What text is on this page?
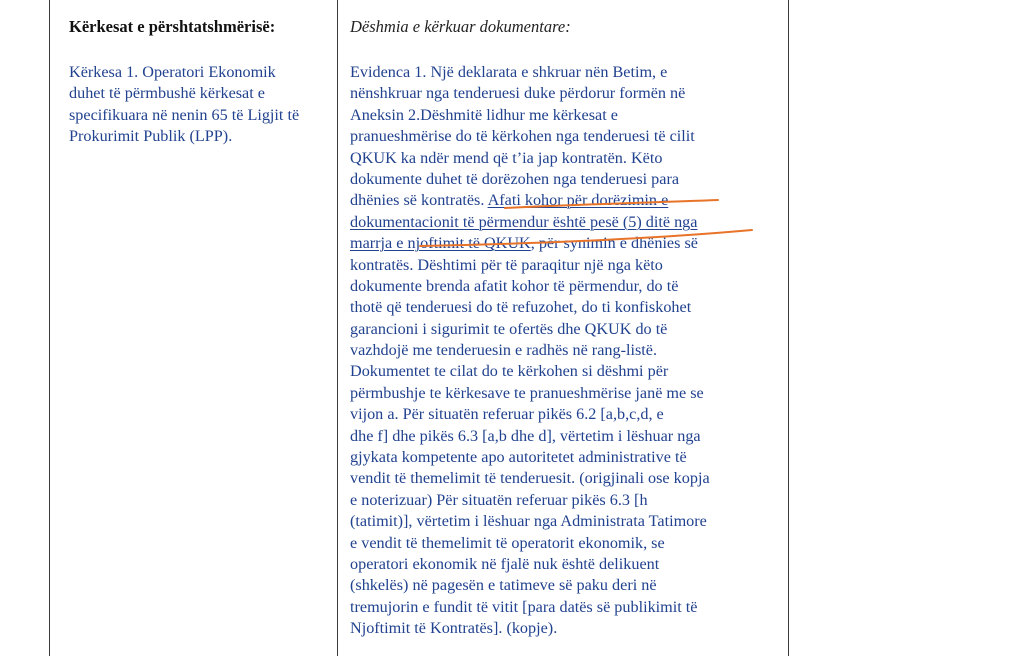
Kërkesat e përshtatshmërisë:
Kërkesa 1. Operatori Ekonomik
duhet të përmbushë kërkesat e
specifikuara në nenin 65 të Ligjit të
Prokurimit Publik (LPP).
Dëshmia e kërkuar dokumentare:
Evidenca 1. Një deklarata e shkruar nën Betim, e
nënshkruar nga tenderuesi duke përdorur formën në
Aneksin 2.Dëshmitë lidhur me kërkesat e
pranueshmërise do të kërkohen nga tenderuesi të cilit
QKUK ka ndër mend që t’ia jap kontratën. Këto
dokumente duhet të dorëzohen nga tenderuesi para
dhënies së kontratës. Afati kohor për dorëzimin e
dokumentacionit të përmendur është pesë (5) ditë nga
marrja e njoftimit të QKUK, për synimin e dhënies së
kontratës. Dështimi për të paraqitur një nga këto
dokumente brenda afatit kohor të përmendur, do të
thotë që tenderuesi do të refuzohet, do ti konfiskohet
garancioni i sigurimit te ofertës dhe QKUK do të
vazhdojë me tenderuesin e radhës në rang-listë.
Dokumentet te cilat do te kërkohen si dëshmi për
përmbushje te kërkesave te pranueshmërise janë me se
vijon a. Për situatën referuar pikës 6.2 [a,b,c,d, e
dhe f] dhe pikës 6.3 [a,b dhe d], vërtetim i lëshuar nga
gjykata kompetente apo autoritetet administrative të
vendit të themelimit të tenderuesit. (origjinali ose kopja
e noterizuar) Për situatën referuar pikës 6.3 [h
(tatimit)], vërtetim i lëshuar nga Administrata Tatimore
e vendit të themelimit të operatorit ekonomik, se
operatori ekonomik në fjalë nuk është delikuent
(shkelës) në pagesën e tatimeve së paku deri në
tremujorin e fundit të vitit [para datës së publikimit të
Njoftimit të Kontratës]. (kopje).
